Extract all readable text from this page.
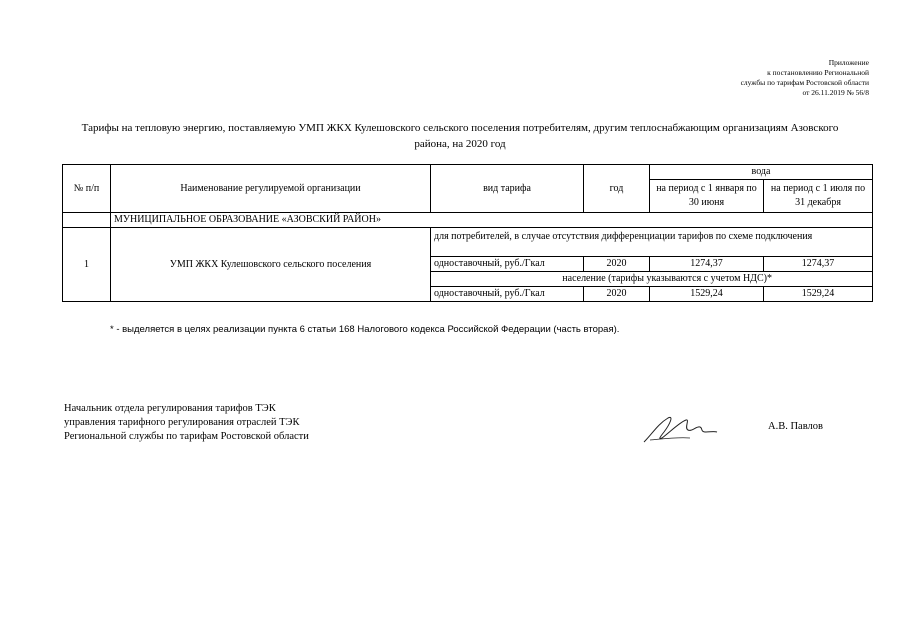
Приложение
к постановлению Региональной
службы по тарифам Ростовской области
от 26.11.2019 № 56/8
Тарифы на тепловую энергию, поставляемую УМП ЖКХ Кулешовского сельского поселения потребителям, другим теплоснабжающим организациям Азовского
района, на 2020 год
№ п/п	Наименование регулируемой организации	вид тарифа	год	вода	
				на период с 1 января по 30 июня	на период с 1 июля по 31 декабря
	МУНИЦИПАЛЬНОЕ ОБРАЗОВАНИЕ «АЗОВСКИЙ РАЙОН»				
1	УМП ЖКХ Кулешовского сельского поселения	для потребителей, в случае отсутствия дифференциации тарифов по схеме подключения			
		одноставочный, руб./Гкал	2020	1274,37	1274,37
		население (тарифы указываются с учетом НДС)*			
		одноставочный, руб./Гкал	2020	1529,24	1529,24
* - выделяется в целях реализации пункта 6 статьи 168 Налогового кодекса Российской Федерации (часть вторая).
Начальник отдела регулирования тарифов ТЭК
управления тарифного регулирования отраслей ТЭК
Региональной службы по тарифам Ростовской области
А.В. Павлов
